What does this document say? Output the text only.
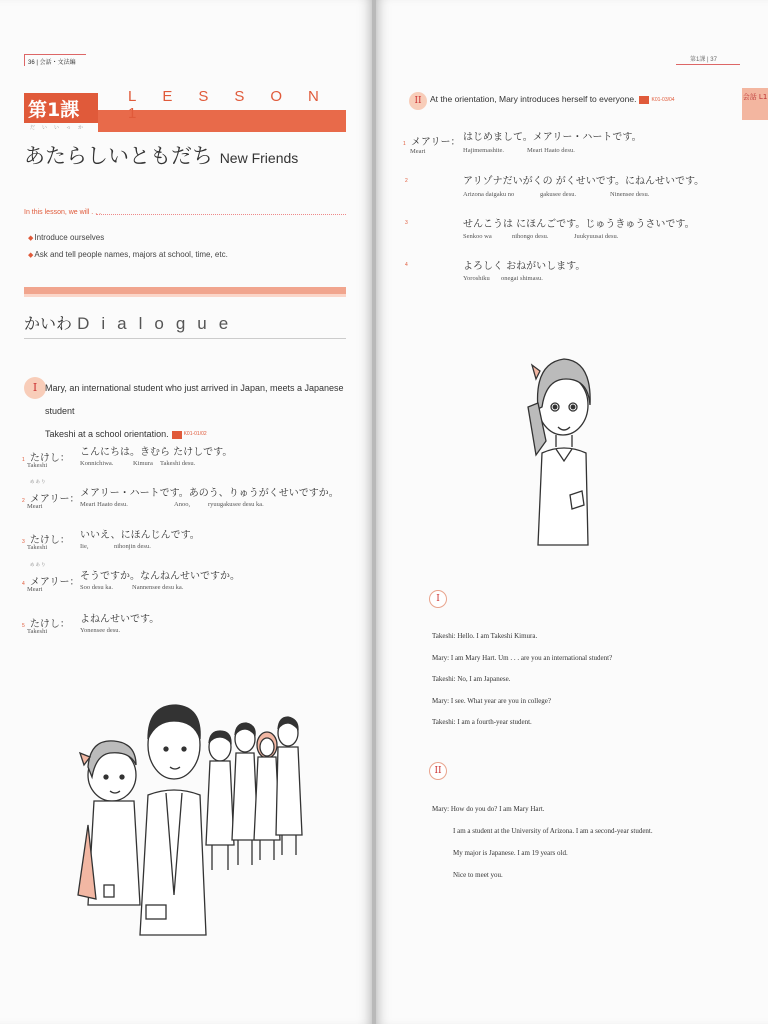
36 | 会話・文法編
第1課
だいいっか
LESSON 1
あたらしいともだち New Friends
In this lesson, we will . . .
◆Introduce ourselves
◆Ask and tell people names, majors at school, time, etc.
かいわ Dialogue
I Mary, an international student who just arrived in Japan, meets a Japanese student
Takeshi at a school orientation.	K01-01/02
1 たけし：
Takeshi
こんにちは。きむら たけしです。
Konnichiwa.	Kimura Takeshi desu.
めあり
2 メアリー：
Meari
メアリー・ハートです。あのう、りゅうがくせいですか。
Meari Haato desu.	Anoo,	ryuugakusee desu ka.
3 たけし：
Takeshi
いいえ、にほんじんです。
Iie,	nihonjin desu.
めあり
4 メアリー：
Meari
そうですか。なんねんせいですか。
Soo desu ka.	Nannensee desu ka.
5 たけし：
Takeshi
よねんせいです。
Yonensee desu.
第1課 | 37
会話 L1
II At the orientation, Mary introduces herself to everyone.	K01-03/04
1 メアリー：
Meari
はじめまして。メアリー・ハートです。
Hajimemashite.	Meari Haato desu.
2	アリゾナだいがくの がくせいです。にねんせいです。
Arizona daigaku no	gakusee desu.	Ninensee desu.
3	せんこうは にほんごです。じゅうきゅうさいです。
Senkoo wa	nihongo desu.	Juukyuusai desu.
4	よろしく おねがいします。
Yoroshiku onegai shimasu.
I
Takeshi: Hello. I am Takeshi Kimura.
Mary: I am Mary Hart. Um . . . are you an international student?
Takeshi: No, I am Japanese.
Mary: I see. What year are you in college?
Takeshi: I am a fourth-year student.
II
Mary: How do you do? I am Mary Hart.
I am a student at the University of Arizona. I am a second-year student.
My major is Japanese. I am 19 years old.
Nice to meet you.
